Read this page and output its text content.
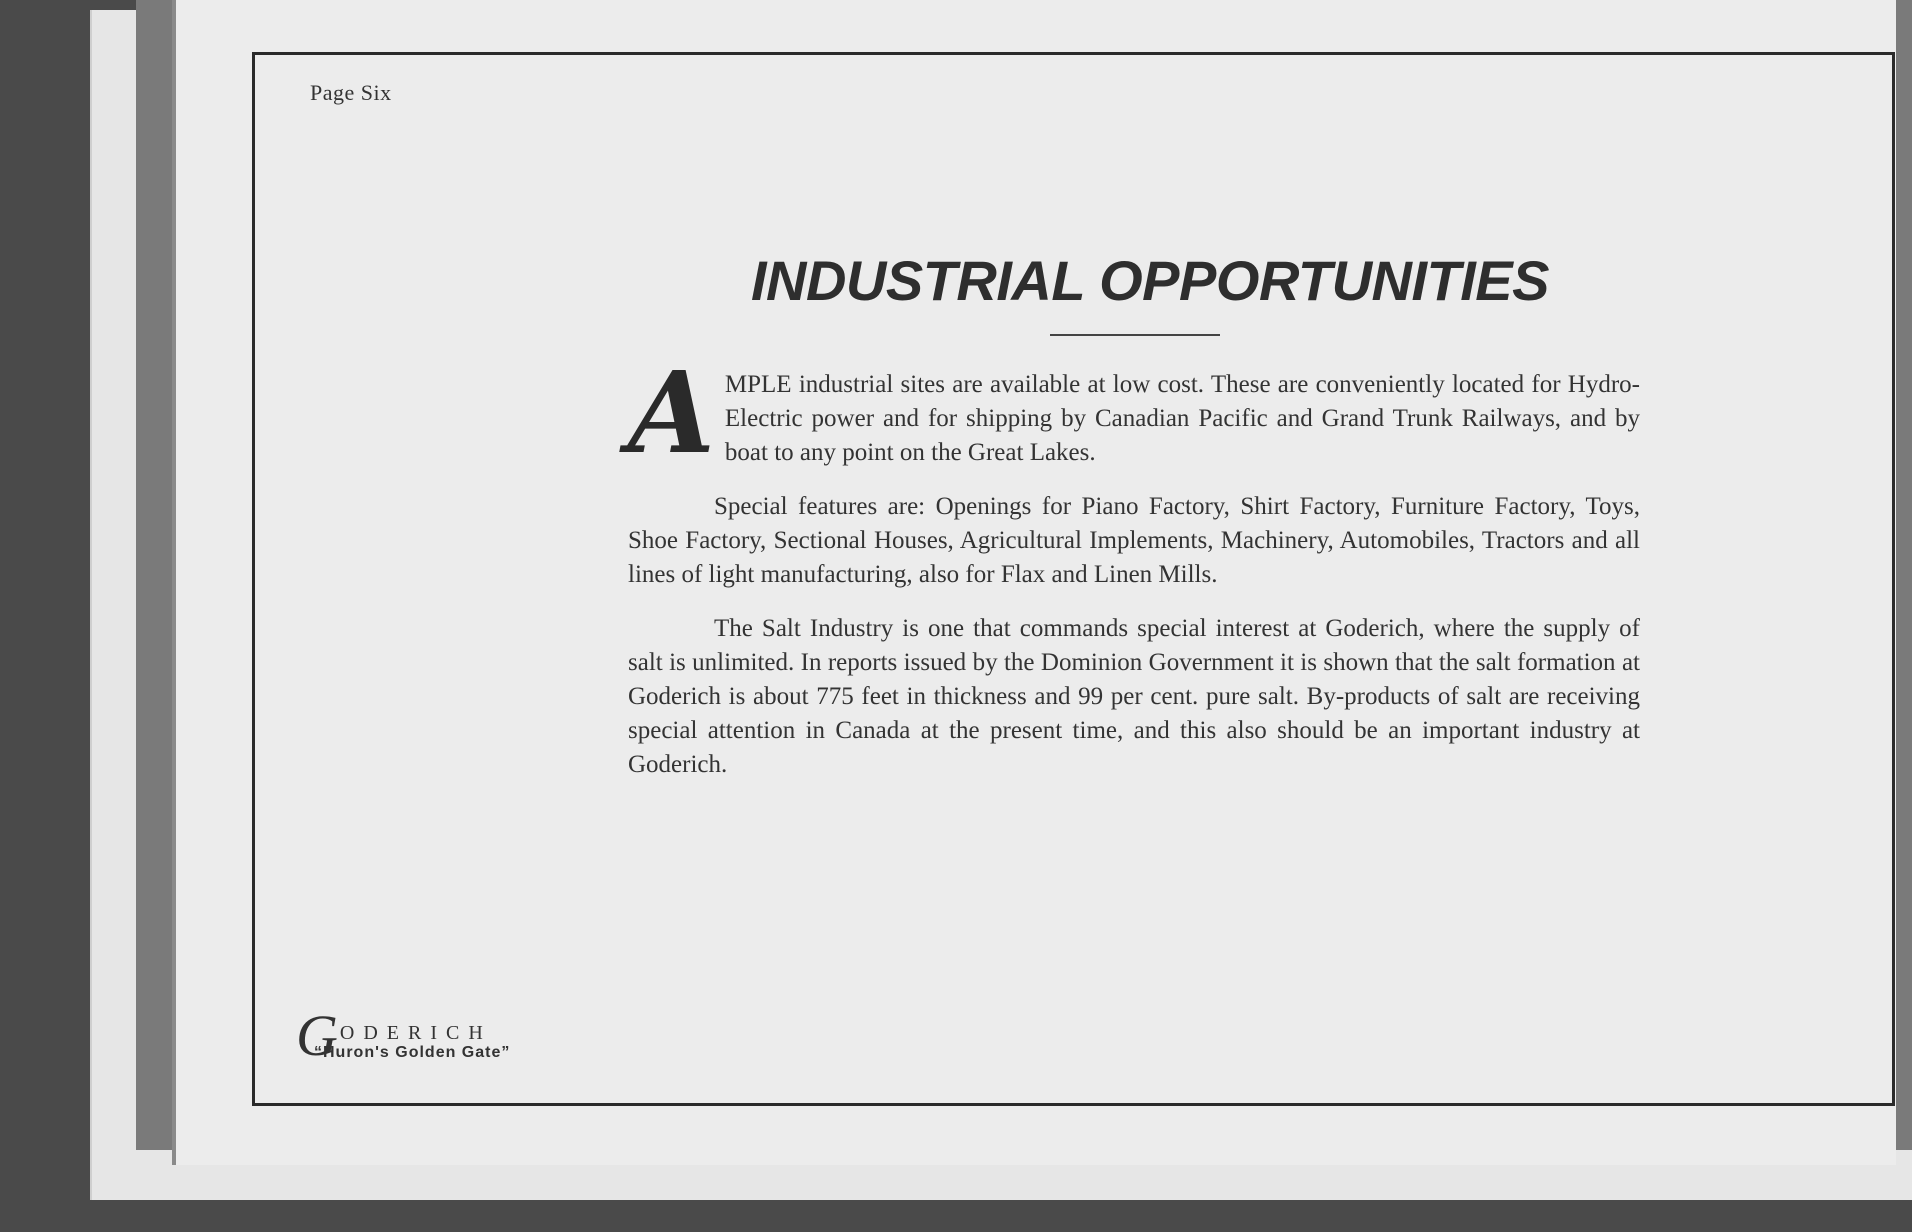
Page Six
INDUSTRIAL OPPORTUNITIES

AMPLE industrial sites are available at low cost. These are conveniently located for Hydro-Electric power and for shipping by Canadian Pacific and Grand Trunk Railways, and by boat to any point on the Great Lakes.

Special features are: Openings for Piano Factory, Shirt Factory, Furniture Factory, Toys, Shoe Factory, Sectional Houses, Agricultural Implements, Machinery, Automobiles, Tractors and all lines of light manufacturing, also for Flax and Linen Mills.

The Salt Industry is one that commands special interest at Goderich, where the supply of salt is unlimited. In reports issued by the Dominion Government it is shown that the salt formation at Goderich is about 775 feet in thickness and 99 per cent. pure salt. By-products of salt are receiving special attention in Canada at the present time, and this also should be an important industry at Goderich.

G ODERICH
“Huron's Golden Gate”
